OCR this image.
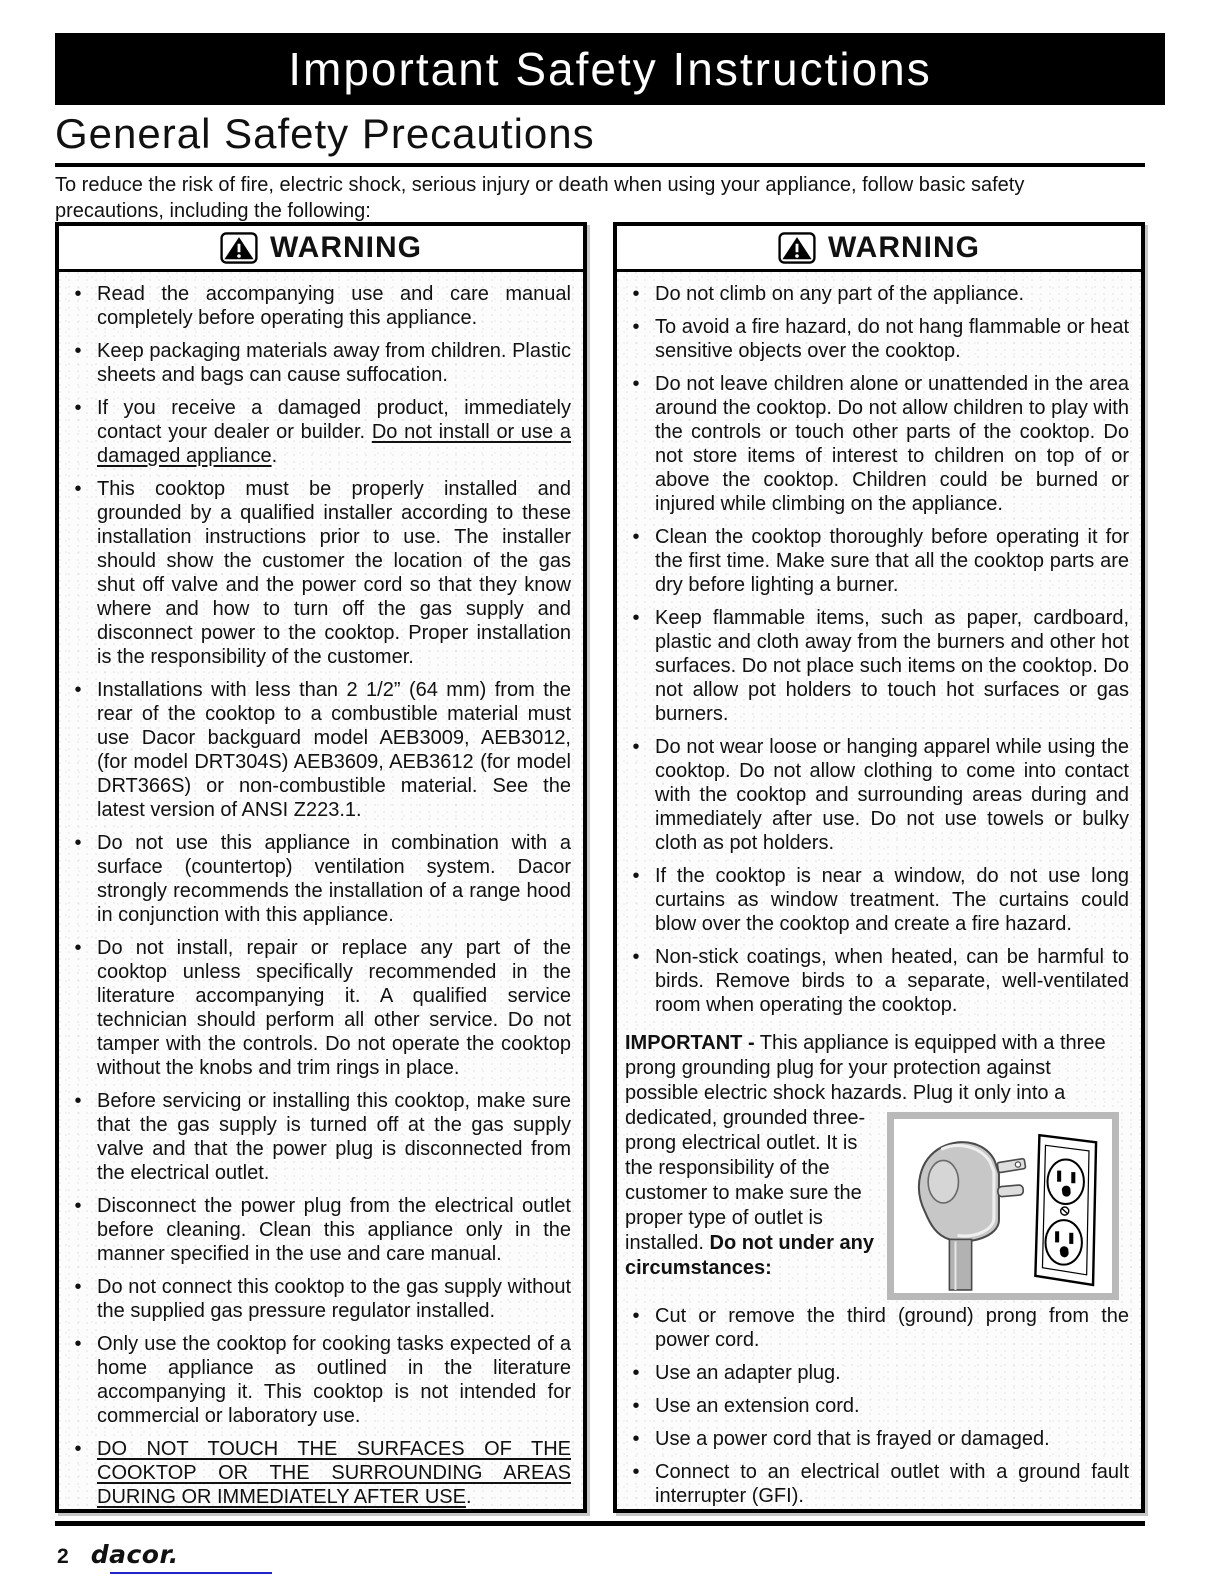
Important Safety Instructions
General Safety Precautions

To reduce the risk of fire, electric shock, serious injury or death when using your appliance, follow basic safety precautions, including the following:

WARNING
•
Read the accompanying use and care manual completely before operating this appliance.
•
Keep packaging materials away from children. Plastic sheets and bags can cause suffocation.
•
If you receive a damaged product, immediately contact your dealer or builder. Do not install or use a damaged appliance.
•
This cooktop must be properly installed and grounded by a qualified installer according to these installation instructions prior to use. The installer should show the customer the location of the gas shut off valve and the power cord so that they know where and how to turn off the gas supply and disconnect power to the cooktop. Proper installation is the responsibility of the customer.
•
Installations with less than 2 1/2” (64 mm) from the rear of the cooktop to a combustible material must use Dacor backguard model AEB3009, AEB3012, (for model DRT304S) AEB3609, AEB3612 (for model DRT366S) or non-combustible material. See the latest version of ANSI Z223.1.
•
Do not use this appliance in combination with a surface (countertop) ventilation system. Dacor strongly recommends the installation of a range hood in conjunction with this appliance.
•
Do not install, repair or replace any part of the cooktop unless specifically recommended in the literature accompanying it. A qualified service technician should perform all other service. Do not tamper with the controls. Do not operate the cooktop without the knobs and trim rings in place.
•
Before servicing or installing this cooktop, make sure that the gas supply is turned off at the gas supply valve and that the power plug is disconnected from the electrical outlet.
•
Disconnect the power plug from the electrical outlet before cleaning. Clean this appliance only in the manner specified in the use and care manual.
•
Do not connect this cooktop to the gas supply without the supplied gas pressure regulator installed.
•
Only use the cooktop for cooking tasks expected of a home appliance as outlined in the literature accompanying it. This cooktop is not intended for commercial or laboratory use.
•
DO NOT TOUCH THE SURFACES OF THE COOKTOP OR THE SURROUNDING AREAS DURING OR IMMEDIATELY AFTER USE.
WARNING
•
Do not climb on any part of the appliance.
•
To avoid a fire hazard, do not hang flammable or heat sensitive objects over the cooktop.
•
Do not leave children alone or unattended in the area around the cooktop. Do not allow children to play with the controls or touch other parts of the cooktop. Do not store items of interest to children on top of or above the cooktop. Children could be burned or injured while climbing on the appliance.
•
Clean the cooktop thoroughly before operating it for the first time. Make sure that all the cooktop parts are dry before lighting a burner.
•
Keep flammable items, such as paper, cardboard, plastic and cloth away from the burners and other hot surfaces. Do not place such items on the cooktop. Do not allow pot holders to touch hot surfaces or gas burners.
•
Do not wear loose or hanging apparel while using the cooktop. Do not allow clothing to come into contact with the cooktop and surrounding areas during and immediately after use. Do not use towels or bulky cloth as pot holders.
•
If the cooktop is near a window, do not use long curtains as window treatment. The curtains could blow over the cooktop and create a fire hazard.
•
Non-stick coatings, when heated, can be harmful to birds. Remove birds to a separate, well-ventilated room when operating the cooktop.
IMPORTANT - This appliance is equipped with a three prong grounding plug for your protection against possible electric shock hazards.
Plug it only into a dedicated, grounded three-prong electrical outlet. It is the responsibility of the customer to make sure the proper type of outlet is installed. Do not under any circumstances:
•
Cut or remove the third (ground) prong from the power cord.
•
Use an adapter plug.
•
Use an extension cord.
•
Use a power cord that is frayed or damaged.
•
Connect to an electrical outlet with a ground fault interrupter (GFI).
2 dacor.
